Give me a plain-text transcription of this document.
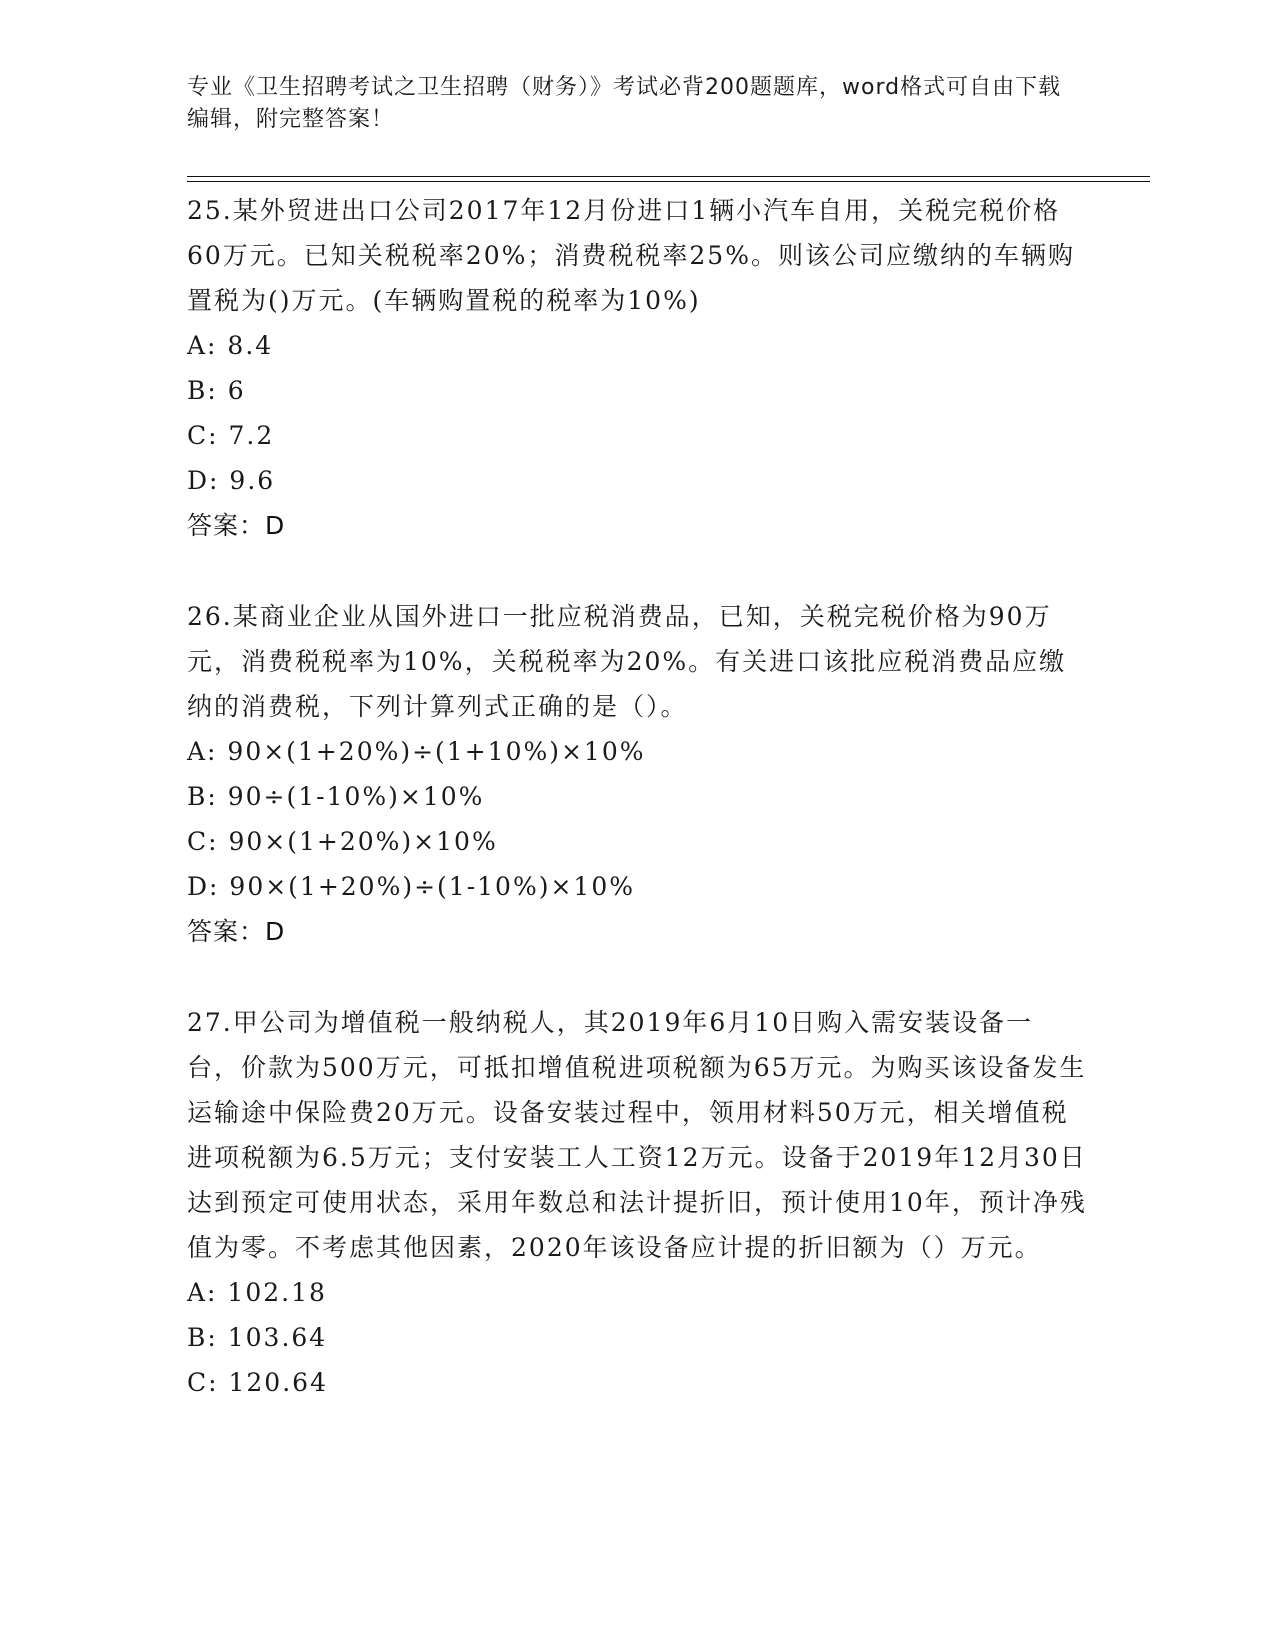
专业《卫生招聘考试之卫生招聘（财务）》考试必背200题题库，word格式可自由下载编辑，附完整答案！

25.某外贸进出口公司2017年12月份进口1辆小汽车自用，关税完税价格60万元。已知关税税率20%；消费税税率25%。则该公司应缴纳的车辆购置税为()万元。(车辆购置税的税率为10%)

A: 8.4

B: 6

C: 7.2

D: 9.6

答案：D

26.某商业企业从国外进口一批应税消费品，已知，关税完税价格为90万元，消费税税率为10%，关税税率为20%。有关进口该批应税消费品应缴纳的消费税，下列计算列式正确的是（）。

A: 90×(1+20%)÷(1+10%)×10%

B: 90÷(1-10%)×10%

C: 90×(1+20%)×10%

D: 90×(1+20%)÷(1-10%)×10%

答案：D

27.甲公司为增值税一般纳税人，其2019年6月10日购入需安装设备一台，价款为500万元，可抵扣增值税进项税额为65万元。为购买该设备发生运输途中保险费20万元。设备安装过程中，领用材料50万元，相关增值税进项税额为6.5万元；支付安装工人工资12万元。设备于2019年12月30日达到预定可使用状态，采用年数总和法计提折旧，预计使用10年，预计净残值为零。不考虑其他因素，2020年该设备应计提的折旧额为（）万元。

A: 102.18

B: 103.64

C: 120.64
